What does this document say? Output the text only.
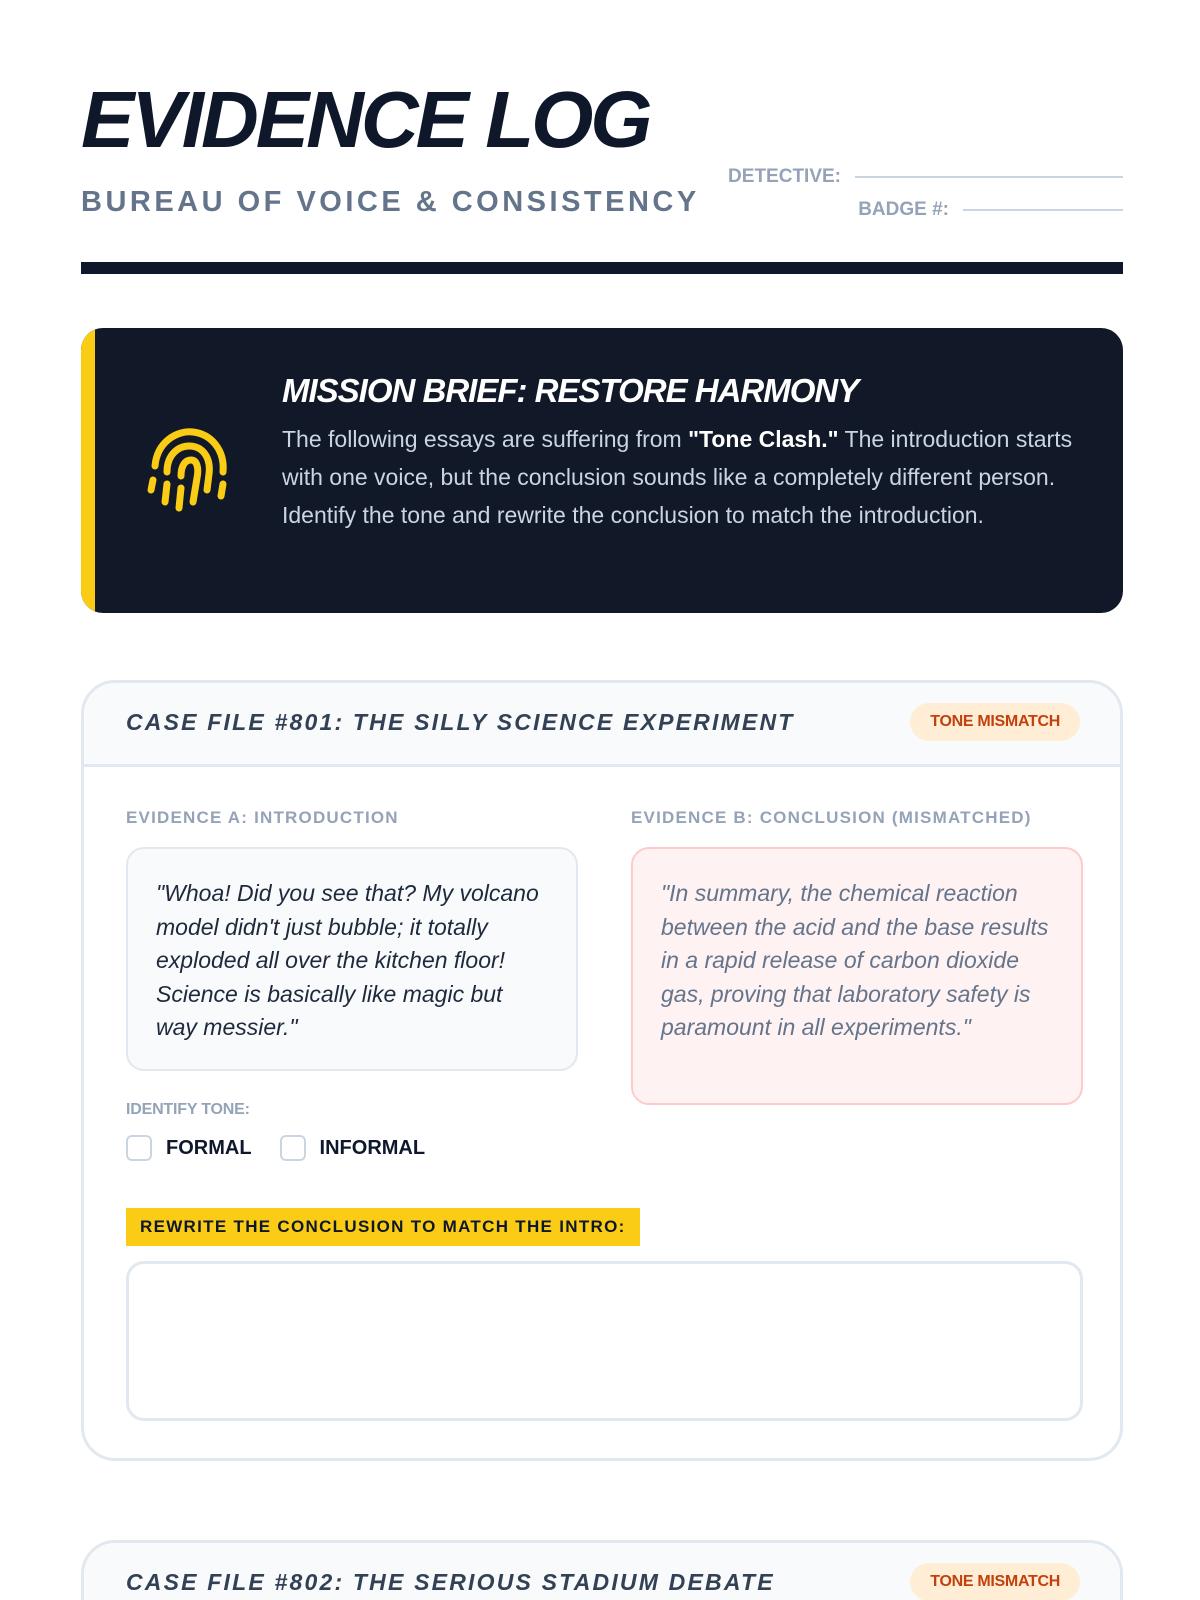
EVIDENCE LOG
BUREAU OF VOICE & CONSISTENCY
DETECTIVE:
BADGE #:
MISSION BRIEF: RESTORE HARMONY
The following essays are suffering from "Tone Clash." The introduction starts with one voice, but the conclusion sounds like a completely different person. Identify the tone and rewrite the conclusion to match the introduction.
CASE FILE #801: THE SILLY SCIENCE EXPERIMENT	TONE MISMATCH
EVIDENCE A: INTRODUCTION
"Whoa! Did you see that? My volcano model didn't just bubble; it totally exploded all over the kitchen floor! Science is basically like magic but way messier."
EVIDENCE B: CONCLUSION (MISMATCHED)
"In summary, the chemical reaction between the acid and the base results in a rapid release of carbon dioxide gas, proving that laboratory safety is paramount in all experiments."
IDENTIFY TONE:
FORMAL	INFORMAL
REWRITE THE CONCLUSION TO MATCH THE INTRO:
CASE FILE #802: THE SERIOUS STADIUM DEBATE	TONE MISMATCH
